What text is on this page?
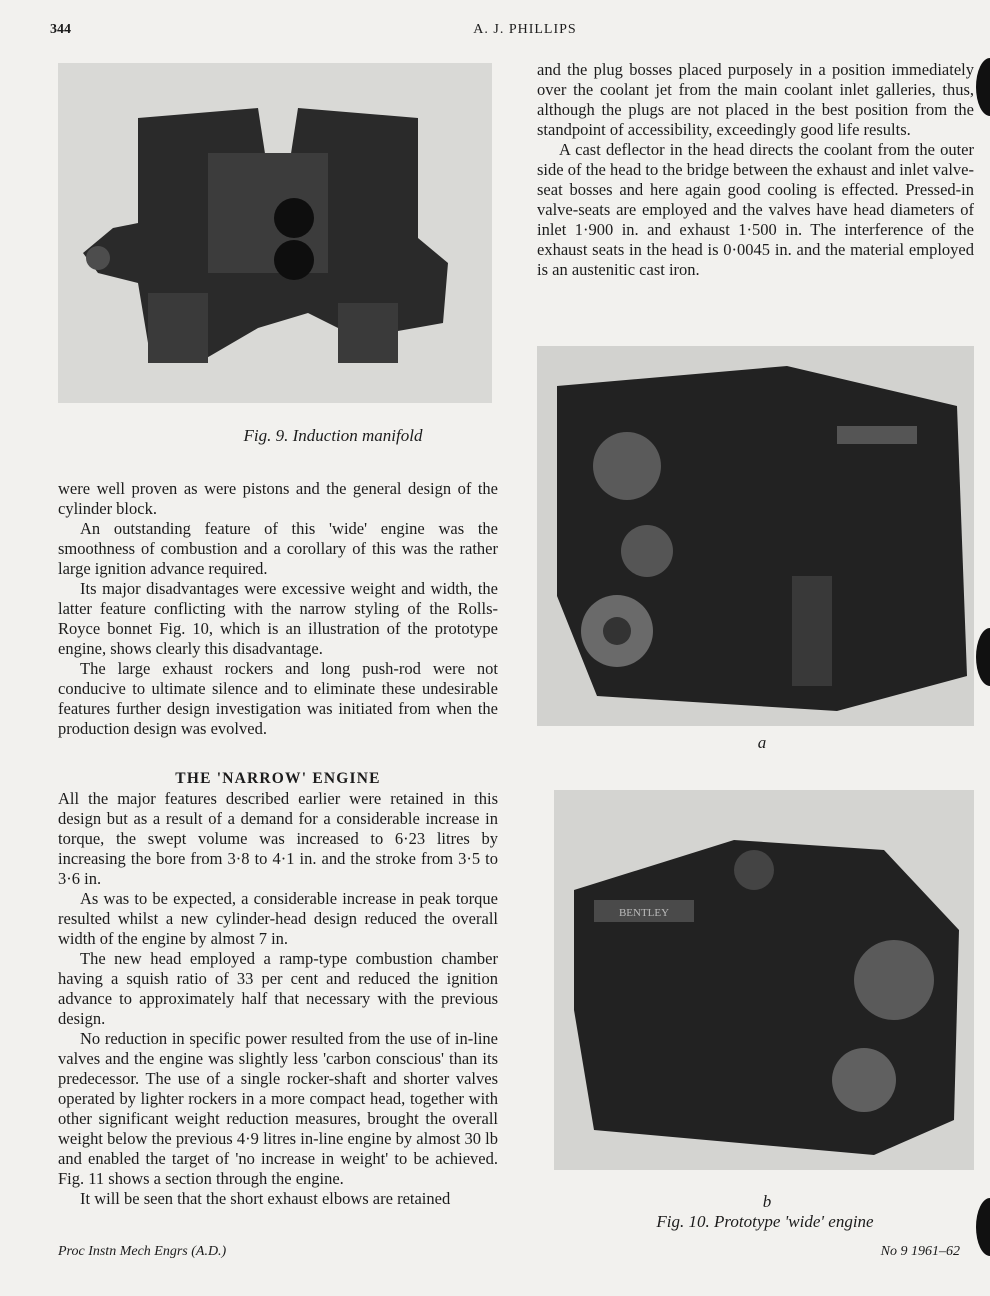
344	A. J. PHILLIPS
Fig. 9. Induction manifold
a
BENTLEY
b
Fig. 10. Prototype 'wide' engine

were well proven as were pistons and the general design of the cylinder block.

An outstanding feature of this 'wide' engine was the smoothness of combustion and a corollary of this was the rather large ignition advance required.

Its major disadvantages were excessive weight and width, the latter feature conflicting with the narrow styling of the Rolls-Royce bonnet Fig. 10, which is an illustration of the prototype engine, shows clearly this disadvantage.

The large exhaust rockers and long push-rod were not conducive to ultimate silence and to eliminate these undesirable features further design investigation was initiated from when the production design was evolved.

THE 'NARROW' ENGINE

All the major features described earlier were retained in this design but as a result of a demand for a considerable increase in torque, the swept volume was increased to 6·23 litres by increasing the bore from 3·8 to 4·1 in. and the stroke from 3·5 to 3·6 in.

As was to be expected, a considerable increase in peak torque resulted whilst a new cylinder-head design reduced the overall width of the engine by almost 7 in.

The new head employed a ramp-type combustion chamber having a squish ratio of 33 per cent and reduced the ignition advance to approximately half that necessary with the previous design.

No reduction in specific power resulted from the use of in-line valves and the engine was slightly less 'carbon conscious' than its predecessor. The use of a single rocker-shaft and shorter valves operated by lighter rockers in a more compact head, together with other significant weight reduction measures, brought the overall weight below the previous 4·9 litres in-line engine by almost 30 lb and enabled the target of 'no increase in weight' to be achieved. Fig. 11 shows a section through the engine.

It will be seen that the short exhaust elbows are retained

and the plug bosses placed purposely in a position immediately over the coolant jet from the main coolant inlet galleries, thus, although the plugs are not placed in the best position from the standpoint of accessibility, exceedingly good life results.

A cast deflector in the head directs the coolant from the outer side of the head to the bridge between the exhaust and inlet valve-seat bosses and here again good cooling is effected. Pressed-in valve-seats are employed and the valves have head diameters of inlet 1·900 in. and exhaust 1·500 in. The interference of the exhaust seats in the head is 0·0045 in. and the material employed is an austenitic cast iron.

Proc Instn Mech Engrs (A.D.)	No 9 1961–62
